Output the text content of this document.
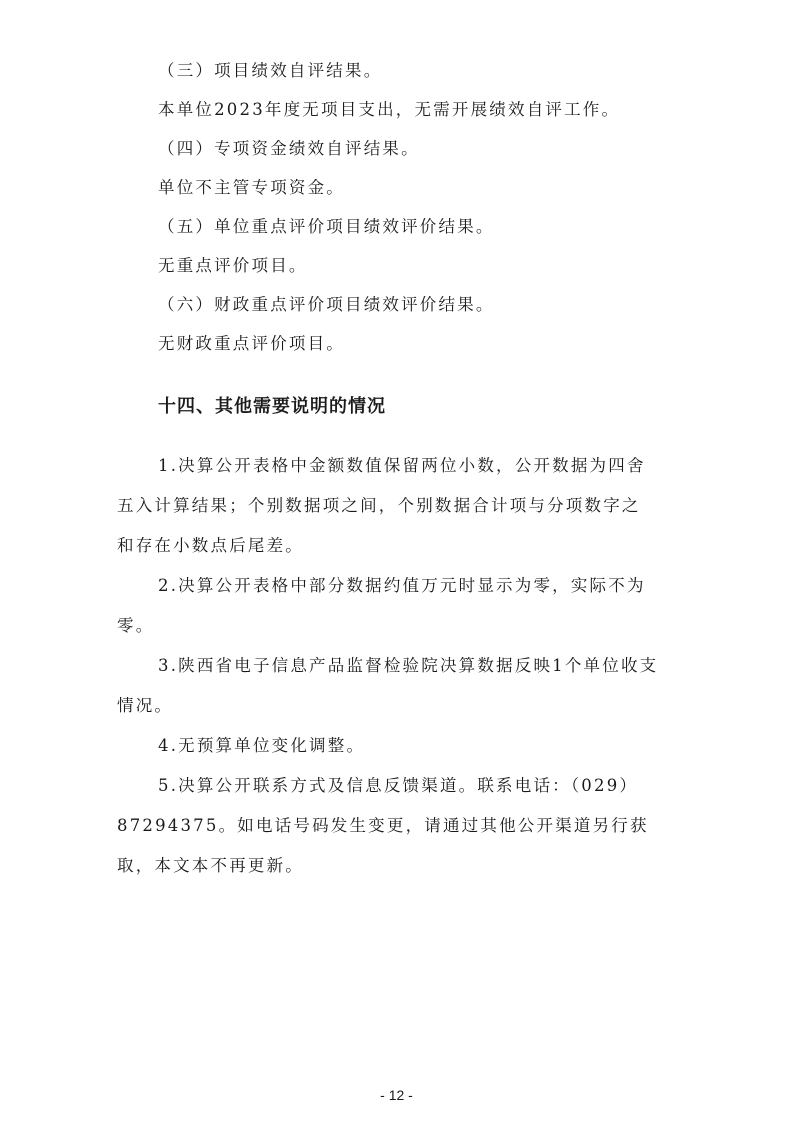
（三）项目绩效自评结果。
本单位2023年度无项目支出，无需开展绩效自评工作。
（四）专项资金绩效自评结果。
单位不主管专项资金。
（五）单位重点评价项目绩效评价结果。
无重点评价项目。
（六）财政重点评价项目绩效评价结果。
无财政重点评价项目。
十四、其他需要说明的情况
1.决算公开表格中金额数值保留两位小数，公开数据为四舍
五入计算结果；个别数据项之间，个别数据合计项与分项数字之
和存在小数点后尾差。
2.决算公开表格中部分数据约值万元时显示为零，实际不为
零。
3.陕西省电子信息产品监督检验院决算数据反映1个单位收支
情况。
4.无预算单位变化调整。
5.决算公开联系方式及信息反馈渠道。联系电话：（029）
87294375。如电话号码发生变更，请通过其他公开渠道另行获
取，本文本不再更新。
- 12 -
